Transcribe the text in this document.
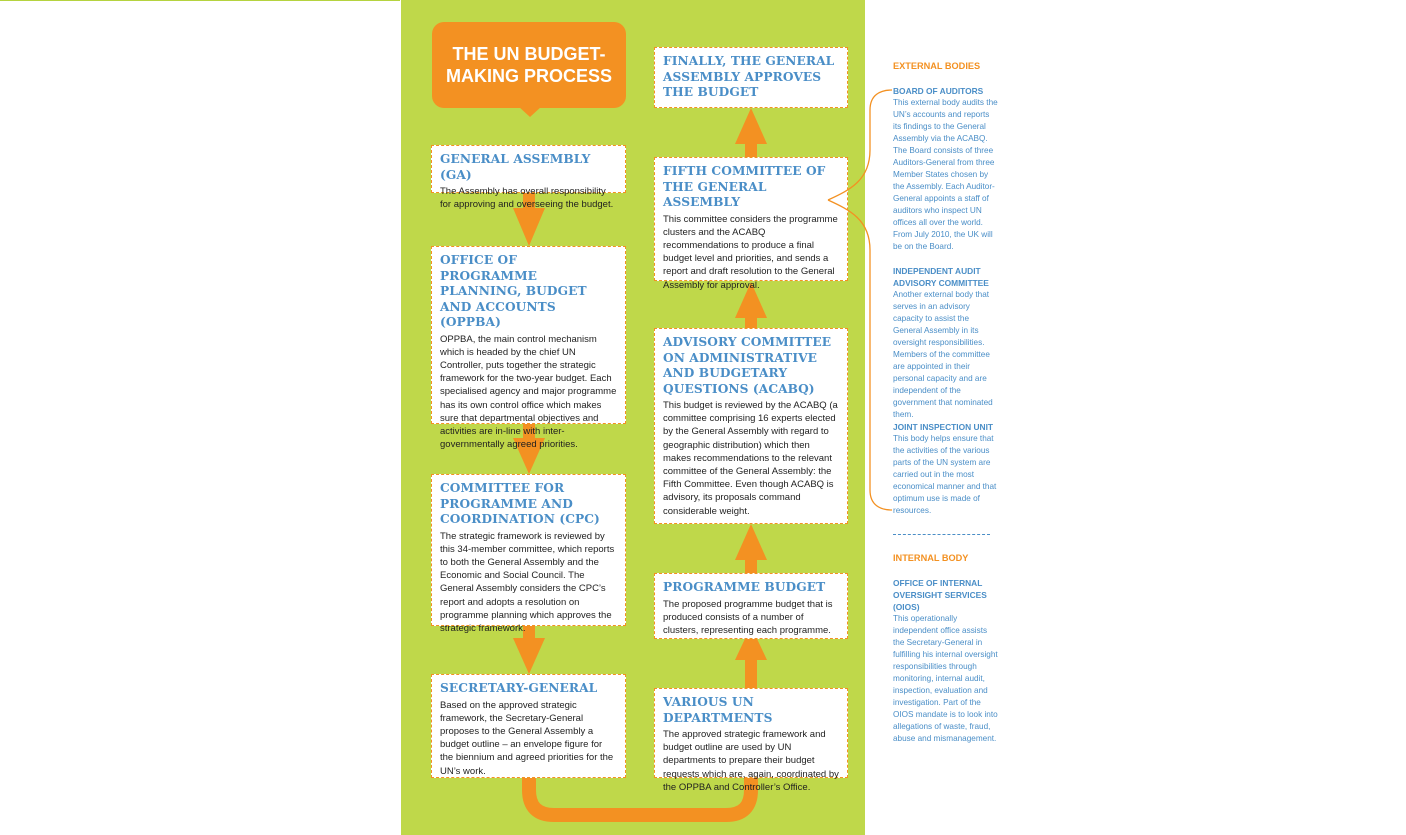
THE UN BUDGET-MAKING PROCESS
GENERAL ASSEMBLY (GA)

The Assembly has overall responsibility for approving and overseeing the budget.

OFFICE OF PROGRAMME PLANNING, BUDGET AND ACCOUNTS (OPPBA)

OPPBA, the main control mechanism which is headed by the chief UN Controller, puts together the strategic framework for the two-year budget. Each specialised agency and major programme has its own control office which makes sure that departmental objectives and activities are in-line with inter-governmentally agreed priorities.

COMMITTEE FOR PROGRAMME AND COORDINATION (CPC)

The strategic framework is reviewed by this 34-member committee, which reports to both the General Assembly and the Economic and Social Council. The General Assembly considers the CPC’s report and adopts a resolution on programme planning which approves the strategic framework.

SECRETARY-GENERAL

Based on the approved strategic framework, the Secretary-General proposes to the General Assembly a budget outline – an envelope figure for the biennium and agreed priorities for the UN’s work.

FINALLY, THE GENERAL ASSEMBLY APPROVES THE BUDGET
FIFTH COMMITTEE OF THE GENERAL ASSEMBLY

This committee considers the programme clusters and the ACABQ recommendations to produce a final budget level and priorities, and sends a report and draft resolution to the General Assembly for approval.

ADVISORY COMMITTEE ON ADMINISTRATIVE AND BUDGETARY QUESTIONS (ACABQ)

This budget is reviewed by the ACABQ (a committee comprising 16 experts elected by the General Assembly with regard to geographic distribution) which then makes recommendations to the relevant committee of the General Assembly: the Fifth Committee. Even though ACABQ is advisory, its proposals command considerable weight.

PROGRAMME BUDGET

The proposed programme budget that is produced consists of a number of clusters, representing each programme.

VARIOUS UN DEPARTMENTS

The approved strategic framework and budget outline are used by UN departments to prepare their budget requests which are, again, coordinated by the OPPBA and Controller’s Office.

EXTERNAL BODIES
BOARD OF AUDITORS

This external body audits the UN’s accounts and reports its findings to the General Assembly via the ACABQ. The Board consists of three Auditors-General from three Member States chosen by the Assembly. Each Auditor-General appoints a staff of auditors who inspect UN offices all over the world. From July 2010, the UK will be on the Board.

INDEPENDENT AUDIT ADVISORY COMMITTEE

Another external body that serves in an advisory capacity to assist the General Assembly in its oversight responsibilities. Members of the committee are appointed in their personal capacity and are independent of the government that nominated them.

JOINT INSPECTION UNIT

This body helps ensure that the activities of the various parts of the UN system are carried out in the most economical manner and that optimum use is made of resources.

INTERNAL BODY
OFFICE OF INTERNAL OVERSIGHT SERVICES (OIOS)

This operationally independent office assists the Secretary-General in fulfilling his internal oversight responsibilities through monitoring, internal audit, inspection, evaluation and investigation. Part of the OIOS mandate is to look into allegations of waste, fraud, abuse and mismanagement.
